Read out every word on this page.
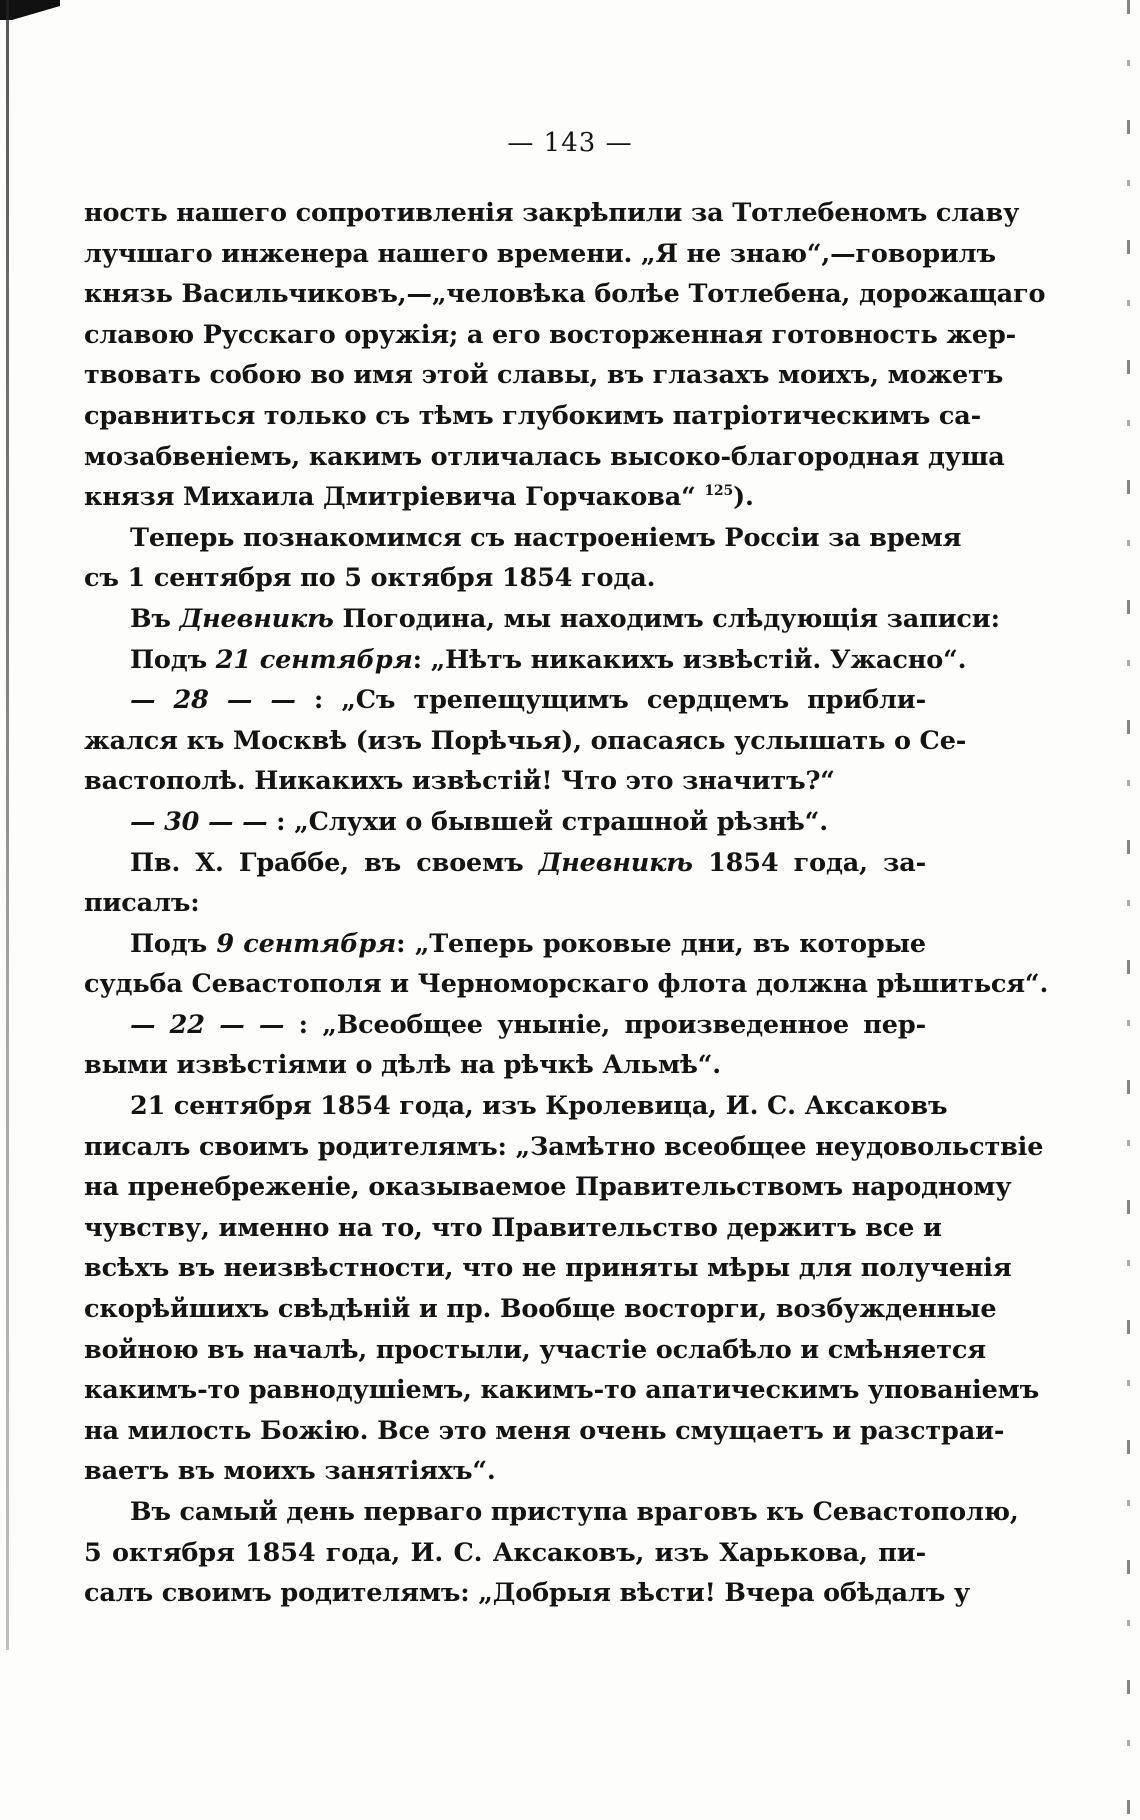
— 143 —
ность нашего сопротивленія закрѣпили за Тотлебеномъ славу
лучшаго инженера нашего времени. „Я не знаю“,—говорилъ
князь Васильчиковъ,—„человѣка болѣе Тотлебена, дорожащаго
славою Русскаго оружія; а его восторженная готовность жер-
твовать собою во имя этой славы, въ глазахъ моихъ, можетъ
сравниться только съ тѣмъ глубокимъ патріотическимъ са-
мозабвеніемъ, какимъ отличалась высоко-благородная душа
князя Михаила Дмитріевича Горчакова“ $^{125}$).
Теперь познакомимся съ настроеніемъ Россіи за время
съ 1 сентября по 5 октября 1854 года.
Въ Дневникѣ Погодина, мы находимъ слѣдующія записи:
Подъ 21 сентября: „Нѣтъ никакихъ извѣстій. Ужасно“.
— 28 — — : „Съ трепещущимъ сердцемъ прибли-
жался къ Москвѣ (изъ Порѣчья), опасаясь услышать о Се-
вастополѣ. Никакихъ извѣстій! Что это значитъ?“
— 30 — — : „Слухи о бывшей страшной рѣзнѣ“.
Пв. Х. Граббе, въ своемъ Дневникѣ 1854 года, за-
писалъ:
Подъ 9 сентября: „Теперь роковые дни, въ которые
судьба Севастополя и Черноморскаго флота должна рѣшиться“.
— 22 — — : „Всеобщее уныніе, произведенное пер-
выми извѣстіями о дѣлѣ на рѣчкѣ Альмѣ“.
21 сентября 1854 года, изъ Кролевица, И. С. Аксаковъ
писалъ своимъ родителямъ: „Замѣтно всеобщее неудовольствіе
на пренебреженіе, оказываемое Правительствомъ народному
чувству, именно на то, что Правительство держитъ все и
всѣхъ въ неизвѣстности, что не приняты мѣры для полученія
скорѣйшихъ свѣдѣній и пр. Вообще восторги, возбужденные
войною въ началѣ, простыли, участіе ослабѣло и смѣняется
какимъ-то равнодушіемъ, какимъ-то апатическимъ упованіемъ
на милость Божію. Все это меня очень смущаетъ и разстраи-
ваетъ въ моихъ занятіяхъ“.
Въ самый день перваго приступа враговъ къ Севастополю,
5 октября 1854 года, И. С. Аксаковъ, изъ Харькова, пи-
салъ своимъ родителямъ: „Добрыя вѣсти! Вчера обѣдалъ у
